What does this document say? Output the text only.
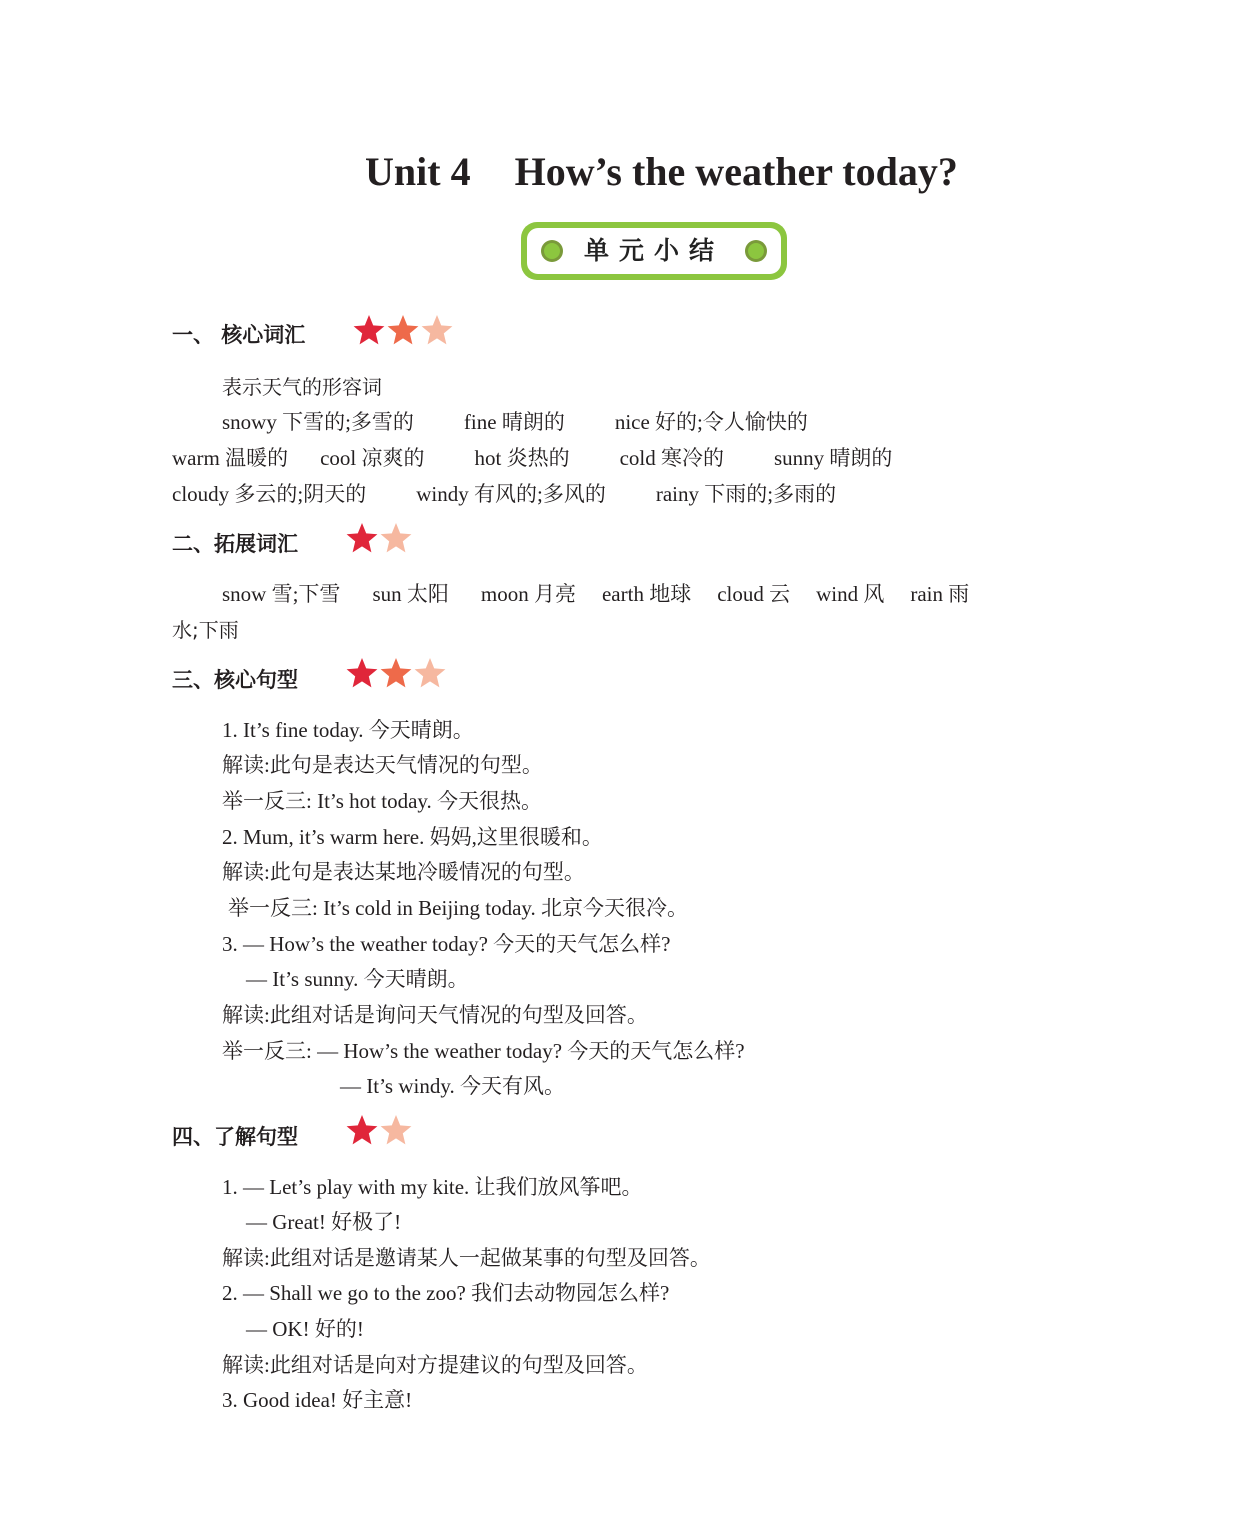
Unit 4 How’s the weather today?
单元小结
一、 核心词汇
表示天气的形容词
snowy 下雪的;多雪的 fine 晴朗的 nice 好的;令人愉快的
warm 温暖的 cool 凉爽的 hot 炎热的 cold 寒冷的 sunny 晴朗的
cloudy 多云的;阴天的 windy 有风的;多风的 rainy 下雨的;多雨的
二、拓展词汇
snow 雪;下雪 sun 太阳 moon 月亮 earth 地球 cloud 云 wind 风 rain 雨
水;下雨
三、核心句型
1. It’s fine today. 今天晴朗。
解读:此句是表达天气情况的句型。
举一反三: It’s hot today. 今天很热。
2. Mum, it’s warm here. 妈妈,这里很暖和。
解读:此句是表达某地冷暖情况的句型。
举一反三: It’s cold in Beijing today. 北京今天很冷。
3. — How’s the weather today? 今天的天气怎么样?
— It’s sunny. 今天晴朗。
解读:此组对话是询问天气情况的句型及回答。
举一反三: — How’s the weather today? 今天的天气怎么样?
— It’s windy. 今天有风。
四、了解句型
1. — Let’s play with my kite. 让我们放风筝吧。
— Great! 好极了!
解读:此组对话是邀请某人一起做某事的句型及回答。
2. — Shall we go to the zoo? 我们去动物园怎么样?
— OK! 好的!
解读:此组对话是向对方提建议的句型及回答。
3. Good idea! 好主意!
